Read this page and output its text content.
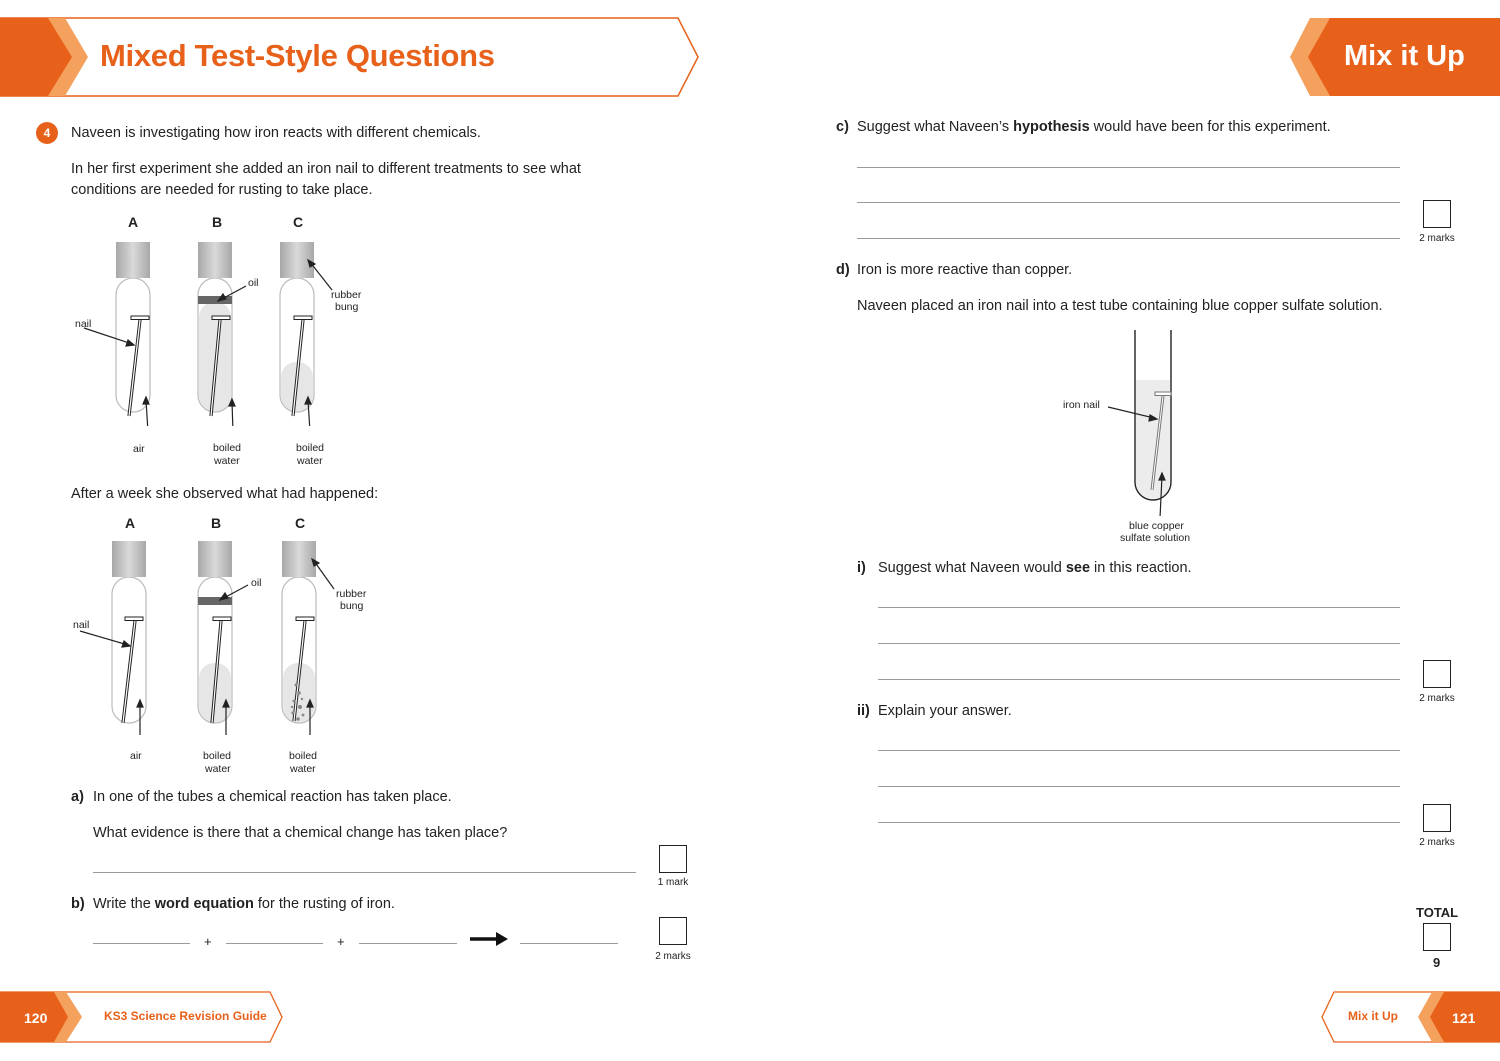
Mixed Test-Style Questions	Mix it Up
4	Naveen is investigating how iron reacts with different chemicals.
In her first experiment she added an iron nail to different treatments to see what conditions are needed for rusting to take place.
A	B	C
oil
rubber
bung
nail
air	boiled
water
boiled
water
After a week she observed what had happened:
A	B	C
oil
rubber
bung
nail
air	boiled
water
boiled
water
a) In one of the tubes a chemical reaction has taken place.
What evidence is there that a chemical change has taken place?
1 mark
b) Write the word equation for the rusting of iron.
+	+
2 marks
c) Suggest what Naveen’s hypothesis would have been for this experiment.
2 marks
d) Iron is more reactive than copper.
Naveen placed an iron nail into a test tube containing blue copper sulfate solution.
iron nail
blue copper
sulfate solution
i) Suggest what Naveen would see in this reaction.
2 marks
ii) Explain your answer.
2 marks
TOTAL
9
120	KS3 Science Revision Guide	Mix it Up	121
